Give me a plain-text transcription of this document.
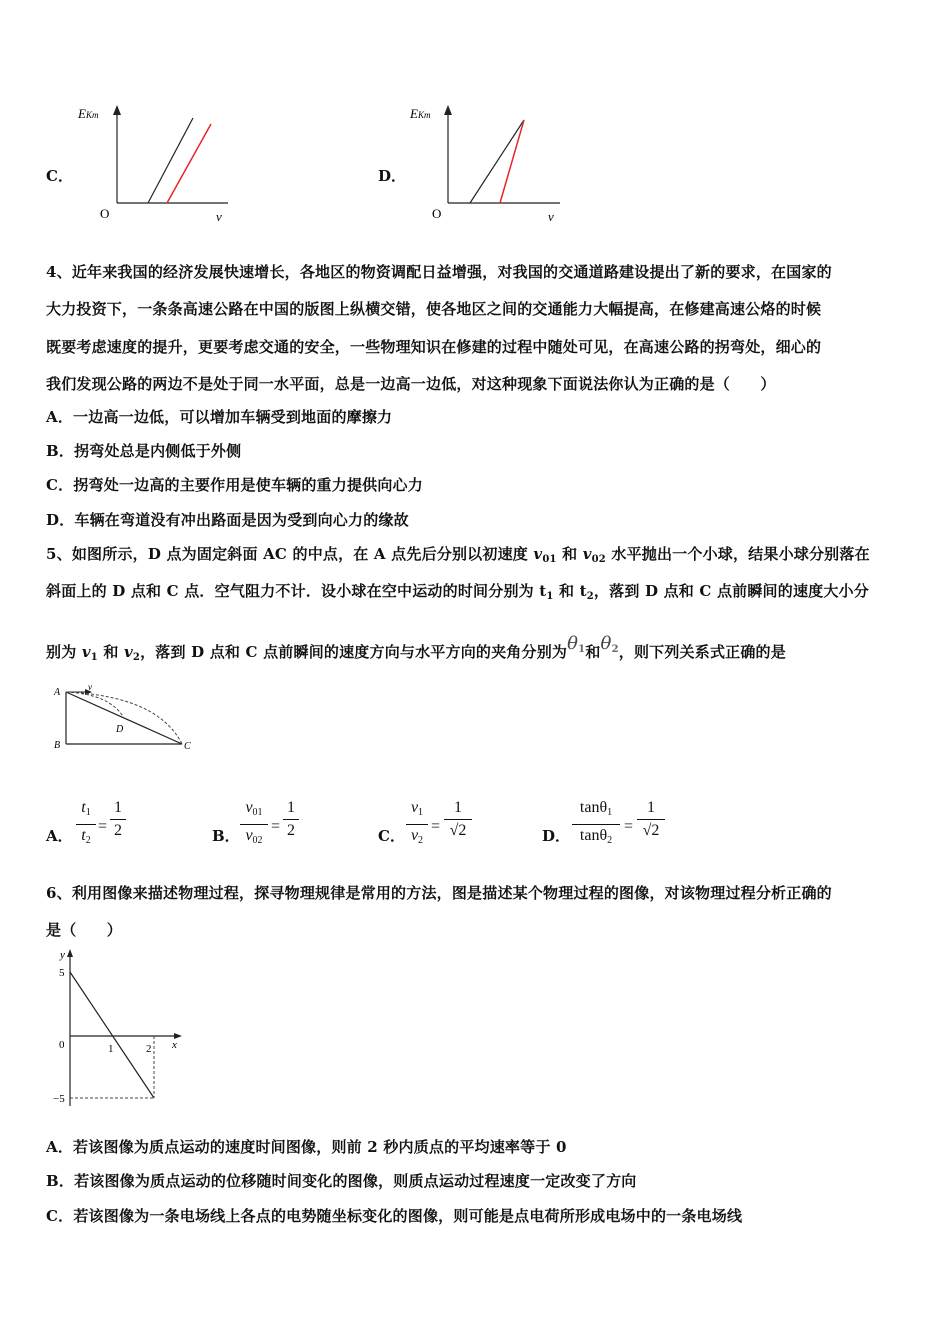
C．
EKm
O	v
D．
EKm
O	v
4、近年来我国的经济发展快速增长，各地区的物资调配日益增强，对我国的交通道路建设提出了新的要求，在国家的
大力投资下，一条条高速公路在中国的版图上纵横交错，使各地区之间的交通能力大幅提高，在修建高速公烙的时候
既要考虑速度的提升，更要考虑交通的安全，一些物理知识在修建的过程中随处可见，在高速公路的拐弯处，细心的
我们发现公路的两边不是处于同一水平面，总是一边高一边低，对这种现象下面说法你认为正确的是（　　）
A．一边高一边低，可以增加车辆受到地面的摩擦力
B．拐弯处总是内侧低于外侧
C．拐弯处一边高的主要作用是使车辆的重力提供向心力
D．车辆在弯道没有冲出路面是因为受到向心力的缘故
5、如图所示，D 点为固定斜面 AC 的中点，在 A 点先后分别以初速度 $v_{01}$ 和 $v_{02}$ 水平抛出一个小球，结果小球分别落在
斜面上的 D 点和 C 点．空气阻力不计．设小球在空中运动的时间分别为 $t_1$ 和 $t_2$，落到 D 点和 C 点前瞬间的速度大小分
别为 $v_1$ 和 $v_2$，落到 D 点和 C 点前瞬间的速度方向与水平方向的夹角分别为$\theta^1$和$\theta^2$，则下列关系式正确的是
A
B	C
D
v
A．
$t_1$
$t_2$
=
1
2	B．
$v_{01}$
$v_{02}$
=
1
2	C．
$v_1$
$v_2$
=
1
√2	D．
tanθ$_1$
tanθ$_2$
=
1
√2
6、利用图像来描述物理过程，探寻物理规律是常用的方法，图是描述某个物理过程的图像，对该物理过程分析正确的
是（　　）
y
x
5
−5
0	1	2
A．若该图像为质点运动的速度时间图像，则前 2 秒内质点的平均速率等于 0
B．若该图像为质点运动的位移随时间变化的图像，则质点运动过程速度一定改变了方向
C．若该图像为一条电场线上各点的电势随坐标变化的图像，则可能是点电荷所形成电场中的一条电场线
